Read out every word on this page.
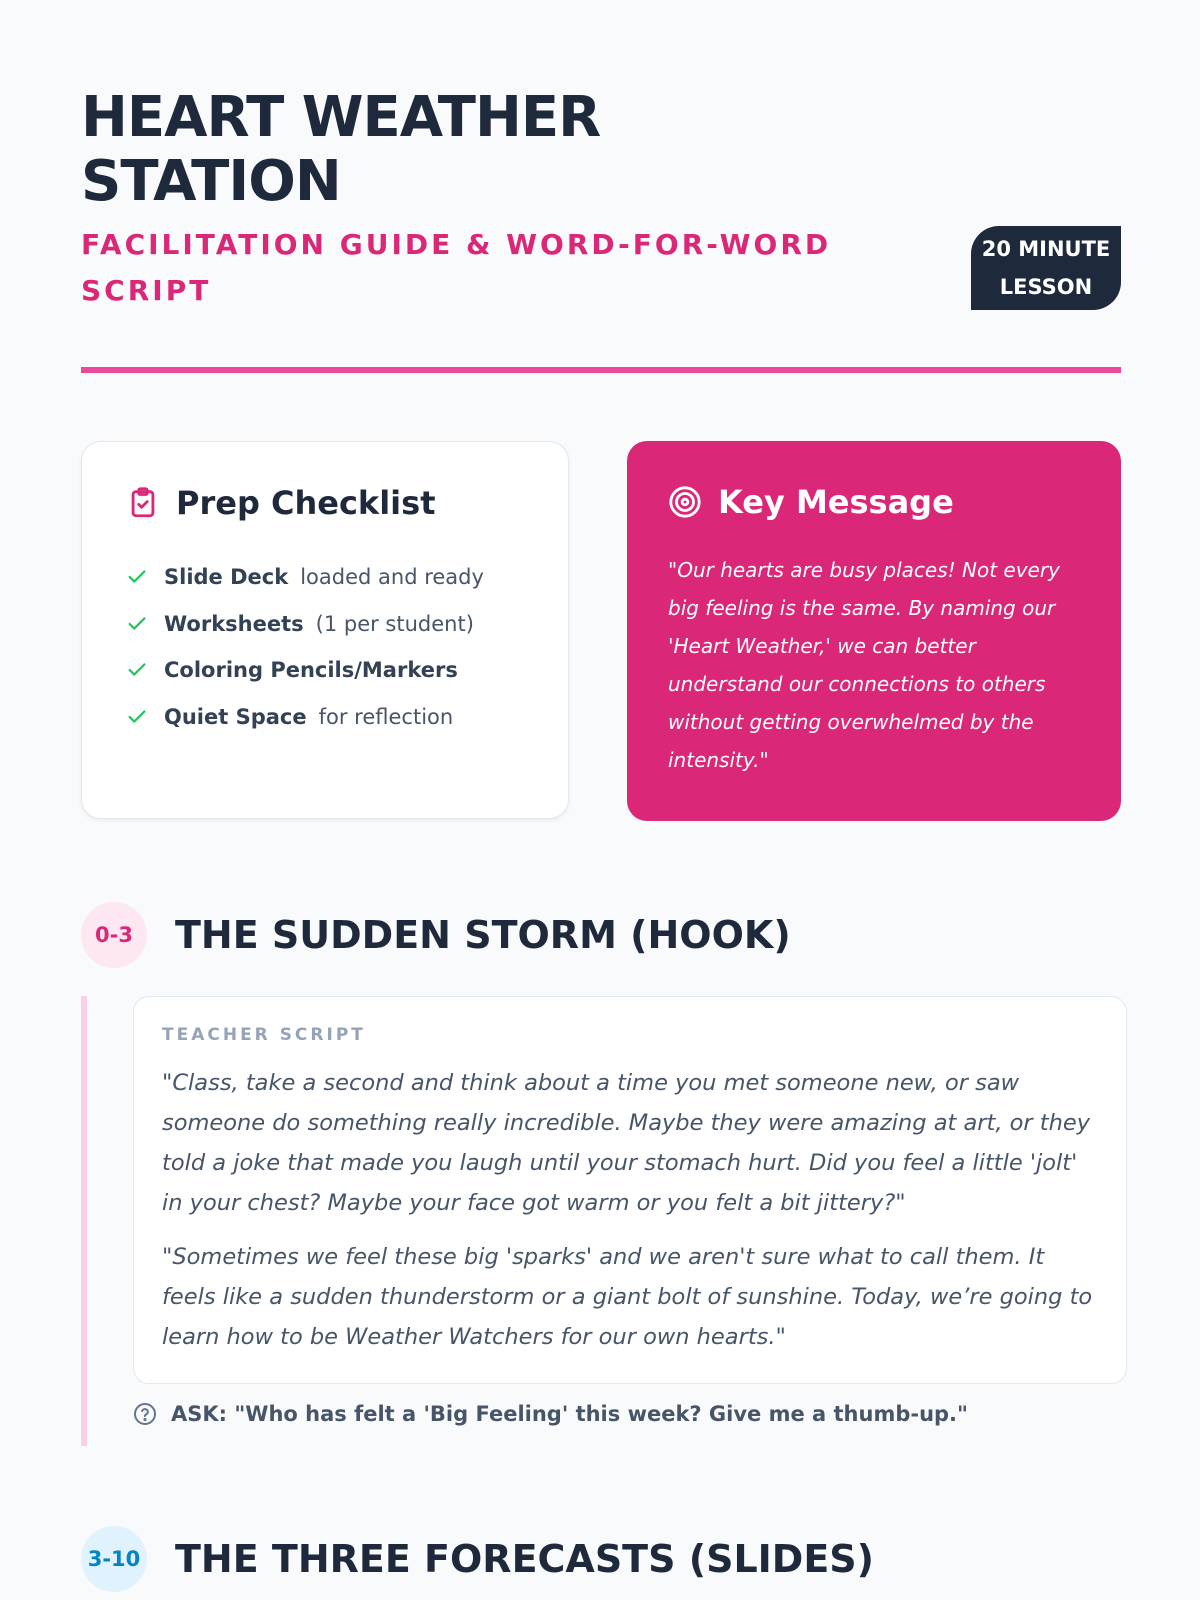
HEART WEATHER STATION

FACILITATION GUIDE & WORD-FOR-WORD SCRIPT

20 MINUTE LESSON
Prep Checklist
Slide Deck loaded and ready
Worksheets (1 per student)
Coloring Pencils/Markers
Quiet Space for reflection
Key Message

"Our hearts are busy places! Not every big feeling is the same. By naming our 'Heart Weather,' we can better understand our connections to others without getting overwhelmed by the intensity."

0-3	THE SUDDEN STORM (HOOK)

TEACHER SCRIPT

"Class, take a second and think about a time you met someone new, or saw someone do something really incredible. Maybe they were amazing at art, or they told a joke that made you laugh until your stomach hurt. Did you feel a little 'jolt' in your chest? Maybe your face got warm or you felt a bit jittery?"

"Sometimes we feel these big 'sparks' and we aren't sure what to call them. It feels like a sudden thunderstorm or a giant bolt of sunshine. Today, we’re going to learn how to be Weather Watchers for our own hearts."

ASK: "Who has felt a 'Big Feeling' this week? Give me a thumb-up."
3-10 THE THREE FORECASTS (SLIDES)
